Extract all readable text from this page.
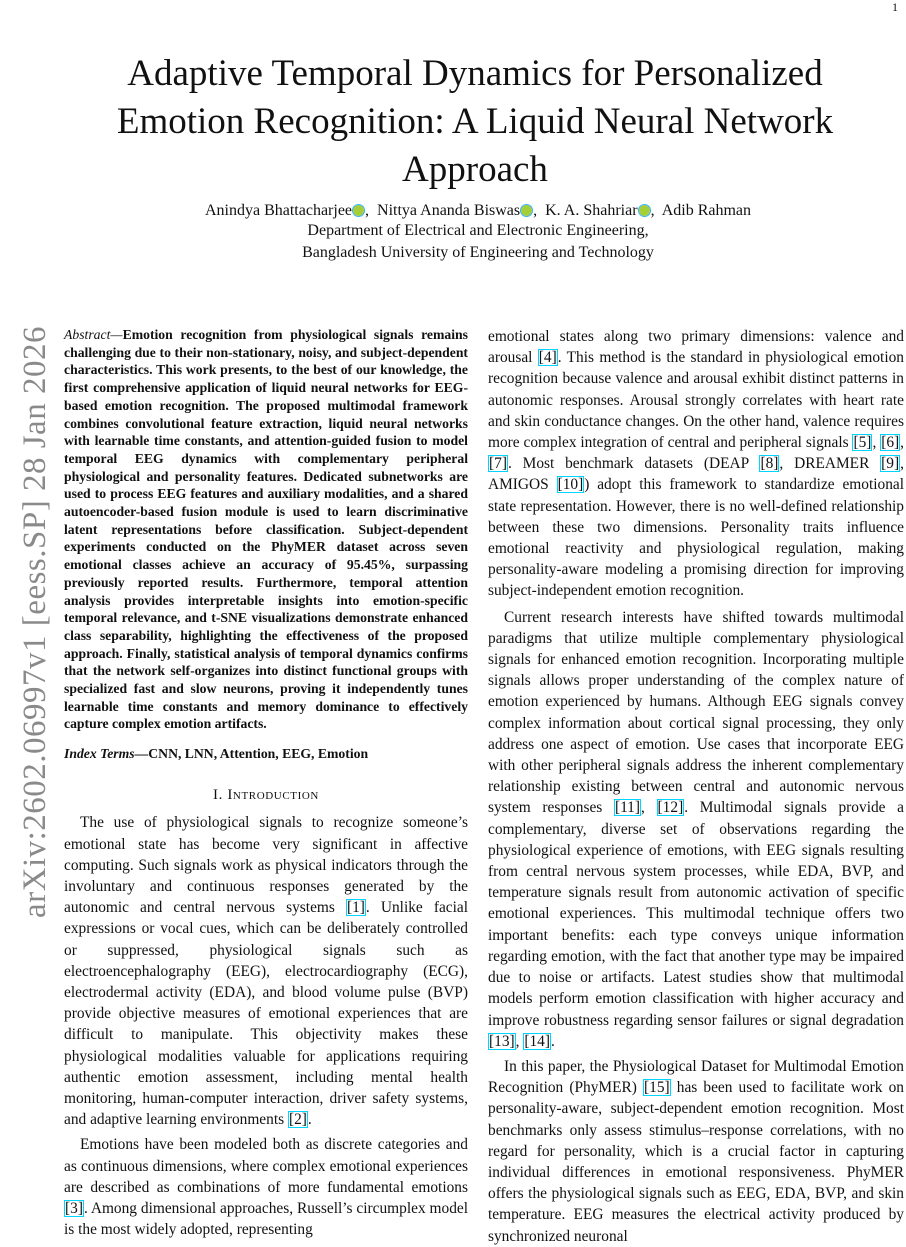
1
arXiv:2602.06997v1 [eess.SP] 28 Jan 2026
Adaptive Temporal Dynamics for Personalized
Emotion Recognition: A Liquid Neural Network
Approach
Anindya Bhattacharjee , Nittya Ananda Biswas , K. A. Shahriar , Adib Rahman
Department of Electrical and Electronic Engineering,
Bangladesh University of Engineering and Technology

Abstract—Emotion recognition from physiological signals remains challenging due to their non-stationary, noisy, and subject-dependent characteristics. This work presents, to the best of our knowledge, the first comprehensive application of liquid neural networks for EEG-based emotion recognition. The proposed multimodal framework combines convolutional feature extraction, liquid neural networks with learnable time constants, and attention-guided fusion to model temporal EEG dynamics with complementary peripheral physiological and personality features. Dedicated subnetworks are used to process EEG features and auxiliary modalities, and a shared autoencoder-based fusion module is used to learn discriminative latent representations before classification. Subject-dependent experiments conducted on the PhyMER dataset across seven emotional classes achieve an accuracy of 95.45%, surpassing previously reported results. Furthermore, temporal attention analysis provides interpretable insights into emotion-specific temporal relevance, and t-SNE visualizations demonstrate enhanced class separability, highlighting the effectiveness of the proposed approach. Finally, statistical analysis of temporal dynamics confirms that the network self-organizes into distinct functional groups with specialized fast and slow neurons, proving it independently tunes learnable time constants and memory dominance to effectively capture complex emotion artifacts.

Index Terms—CNN, LNN, Attention, EEG, Emotion

I. Introduction

The use of physiological signals to recognize someone’s emotional state has become very significant in affective computing. Such signals work as physical indicators through the involuntary and continuous responses generated by the autonomic and central nervous systems [1]. Unlike facial expressions or vocal cues, which can be deliberately controlled or suppressed, physiological signals such as electroencephalography (EEG), electrocardiography (ECG), electrodermal activity (EDA), and blood volume pulse (BVP) provide objective measures of emotional experiences that are difficult to manipulate. This objectivity makes these physiological modalities valuable for applications requiring authentic emotion assessment, including mental health monitoring, human-computer interaction, driver safety systems, and adaptive learning environments [2].

Emotions have been modeled both as discrete categories and as continuous dimensions, where complex emotional experiences are described as combinations of more fundamental emotions [3]. Among dimensional approaches, Russell’s circumplex model is the most widely adopted, representing

emotional states along two primary dimensions: valence and arousal [4]. This method is the standard in physiological emotion recognition because valence and arousal exhibit distinct patterns in autonomic responses. Arousal strongly correlates with heart rate and skin conductance changes. On the other hand, valence requires more complex integration of central and peripheral signals [5], [6], [7]. Most benchmark datasets (DEAP [8], DREAMER [9], AMIGOS [10]) adopt this framework to standardize emotional state representation. However, there is no well-defined relationship between these two dimensions. Personality traits influence emotional reactivity and physiological regulation, making personality-aware modeling a promising direction for improving subject-independent emotion recognition.

Current research interests have shifted towards multimodal paradigms that utilize multiple complementary physiological signals for enhanced emotion recognition. Incorporating multiple signals allows proper understanding of the complex nature of emotion experienced by humans. Although EEG signals convey complex information about cortical signal processing, they only address one aspect of emotion. Use cases that incorporate EEG with other peripheral signals address the inherent complementary relationship existing between central and autonomic nervous system responses [11], [12]. Multimodal signals provide a complementary, diverse set of observations regarding the physiological experience of emotions, with EEG signals resulting from central nervous system processes, while EDA, BVP, and temperature signals result from autonomic activation of specific emotional experiences. This multimodal technique offers two important benefits: each type conveys unique information regarding emotion, with the fact that another type may be impaired due to noise or artifacts. Latest studies show that multimodal models perform emotion classification with higher accuracy and improve robustness regarding sensor failures or signal degradation [13], [14].

In this paper, the Physiological Dataset for Multimodal Emotion Recognition (PhyMER) [15] has been used to facilitate work on personality-aware, subject-dependent emotion recognition. Most benchmarks only assess stimulus–response correlations, with no regard for personality, which is a crucial factor in capturing individual differences in emotional responsiveness. PhyMER offers the physiological signals such as EEG, EDA, BVP, and skin temperature. EEG measures the electrical activity produced by synchronized neuronal
